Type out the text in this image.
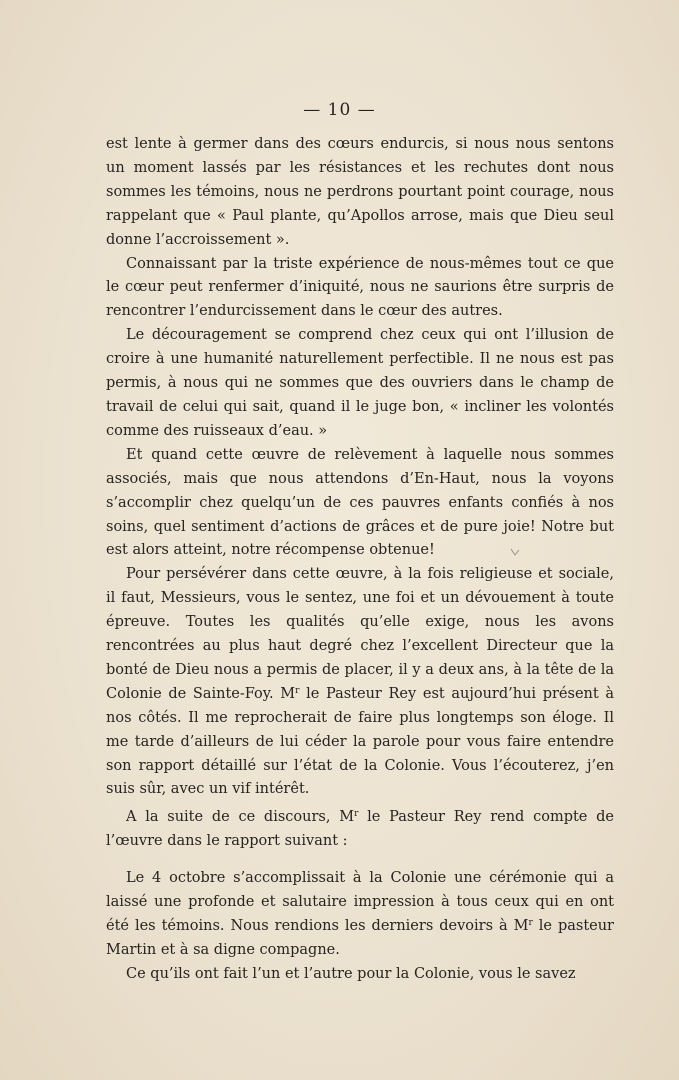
— 10 —

est lente à germer dans des cœurs endurcis, si nous nous sentons un moment lassés par les résistances et les rechutes dont nous sommes les témoins, nous ne perdrons pourtant point courage, nous rappelant que « Paul plante, qu’Apollos arrose, mais que Dieu seul donne l’accroissement ».

Connaissant par la triste expérience de nous-mêmes tout ce que le cœur peut renfermer d’iniquité, nous ne saurions être surpris de rencontrer l’endurcissement dans le cœur des autres.

Le découragement se comprend chez ceux qui ont l’illusion de croire à une humanité naturellement perfectible. Il ne nous est pas permis, à nous qui ne sommes que des ouvriers dans le champ de travail de celui qui sait, quand il le juge bon, « incliner les volontés comme des ruisseaux d’eau. »

Et quand cette œuvre de relèvement à laquelle nous sommes associés, mais que nous attendons d’En-Haut, nous la voyons s’accomplir chez quelqu’un de ces pauvres enfants confiés à nos soins, quel sentiment d’actions de grâces et de pure joie! Notre but est alors atteint, notre récompense obtenue!

Pour persévérer dans cette œuvre, à la fois religieuse et sociale, il faut, Messieurs, vous le sentez, une foi et un dévouement à toute épreuve. Toutes les qualités qu’elle exige, nous les avons rencontrées au plus haut degré chez l’excellent Directeur que la bonté de Dieu nous a permis de placer, il y a deux ans, à la tête de la Colonie de Sainte-Foy. $M^r$ le Pasteur Rey est aujourd’hui présent à nos côtés. Il me reprocherait de faire plus longtemps son éloge. Il me tarde d’ailleurs de lui céder la parole pour vous faire entendre son rapport détaillé sur l’état de la Colonie. Vous l’écouterez, j’en suis sûr, avec un vif intérêt.

A la suite de ce discours, $M^r$ le Pasteur Rey rend compte de l’œuvre dans le rapport suivant :

Le 4 octobre s’accomplissait à la Colonie une cérémonie qui a laissé une profonde et salutaire impression à tous ceux qui en ont été les témoins. Nous rendions les derniers devoirs à $M^r$ le pasteur Martin et à sa digne compagne.

Ce qu’ils ont fait l’un et l’autre pour la Colonie, vous le savez
